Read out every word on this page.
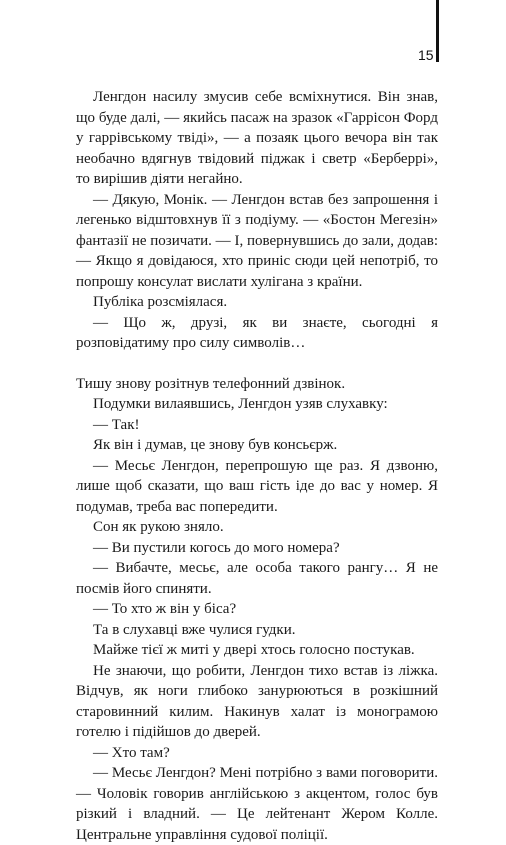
15

Ленгдон насилу змусив себе всміхнутися. Він знав, що буде далі, — якийсь пасаж на зразок «Гаррісон Форд у гаррівському твіді», — а позаяк цього вечора він так необачно вдягнув твідовий піджак і светр «Берберрі», то вирішив діяти негайно.

— Дякую, Монік. — Ленгдон встав без запрошення і легенько відштовхнув її з подіуму. — «Бостон Мегезін» фантазії не позичати. — І, повернувшись до зали, додав: — Якщо я довідаюся, хто приніс сюди цей непотріб, то попрошу консулат вислати хулігана з країни.

Публіка розсміялася.

— Що ж, друзі, як ви знаєте, сьогодні я розповідатиму про силу символів…

Тишу знову розітнув телефонний дзвінок.

Подумки вилаявшись, Ленгдон узяв слухавку:

— Так!

Як він і думав, це знову був консьєрж.

— Месьє Ленгдон, перепрошую ще раз. Я дзвоню, лише щоб сказати, що ваш гість іде до вас у номер. Я подумав, треба вас попередити.

Сон як рукою зняло.

— Ви пустили когось до мого номера?

— Вибачте, месьє, але особа такого рангу… Я не посмів його спиняти.

— То хто ж він у біса?

Та в слухавці вже чулися гудки.

Майже тієї ж миті у двері хтось голосно постукав.

Не знаючи, що робити, Ленгдон тихо встав із ліжка. Відчув, як ноги глибоко занурюються в розкішний старовинний килим. Накинув халат із монограмою готелю і підійшов до дверей.

— Хто там?

— Месьє Ленгдон? Мені потрібно з вами поговорити. — Чоловік говорив англійською з акцентом, голос був різкий і владний. — Це лейтенант Жером Колле. Центральне управління судової поліції.
